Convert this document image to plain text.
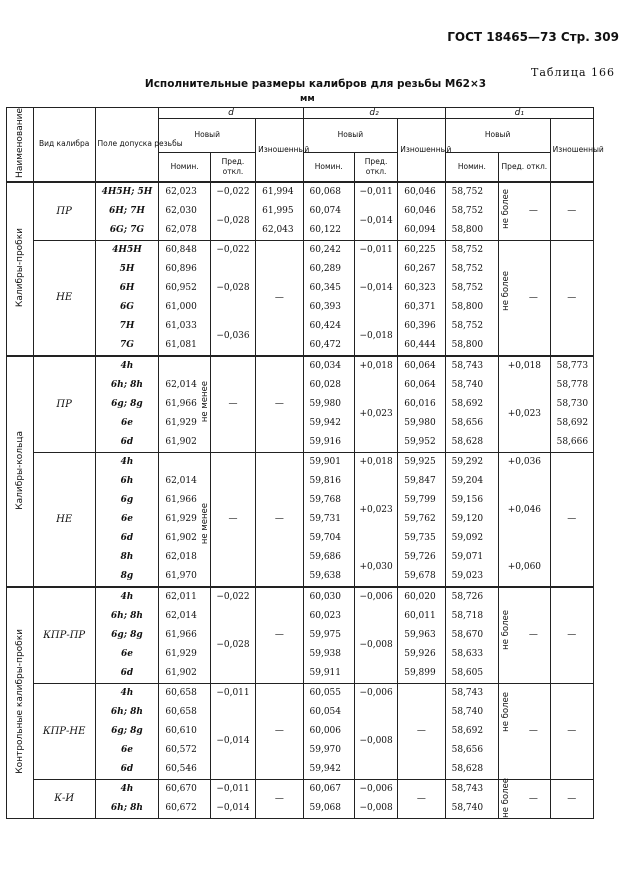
ГОСТ 18465—73 Стр. 309
Таблица 166
Исполнительные размеры калибров для резьбы М62×3
мм
Наименование	Вид калибра	Поле допуска резьбы	d			d₂			d₁		
			Новый		Изношенный	Новый		Изношенный	Новый		Изношенный
			Номин.	Пред. откл.		Номин.	Пред. откл.		Номин.	Пред. откл.	
Калибры-пробки	ПР	4H5H; 5H	62,023	−0,022	61,994	60,068	−0,011	60,046	58,752	не более —	—
		6H; 7H	62,030	−0,028	61,995	60,074	−0,014	60,046	58,752		
		6G; 7G	62,078		62,043	60,122		60,094	58,800		
	НЕ	4H5H	60,848	−0,022	—	60,242	−0,011	60,225	58,752	не более —	—
		5H	60,896	−0,028		60,289	−0,014	60,267	58,752		
		6H	60,952			60,345		60,323	58,752		
		6G	61,000			60,393		60,371	58,800		
		7H	61,033	−0,036		60,424	−0,018	60,396	58,752		
		7G	61,081			60,472		60,444	58,800		
Калибры-кольца	ПР	4h	не менее	—	—	60,034	+0,018	60,064	58,743	+0,018	58,773
		6h; 8h	62,014			60,028	+0,023	60,064	58,740	+0,023	58,778
		6g; 8g	61,966			59,980		60,016	58,692		58,730
		6e	61,929			59,942		59,980	58,656		58,692
		6d	61,902			59,916		59,952	58,628		58,666
	НЕ	4h	не менее	—	—	59,901	+0,018	59,925	59,292	+0,036	—
		6h	62,014			59,816	+0,023	59,847	59,204	+0,046	
		6g	61,966			59,768		59,799	59,156		
		6e	61,929			59,731		59,762	59,120		
		6d	61,902			59,704		59,735	59,092		
		8h	62,018			59,686	+0,030	59,726	59,071	+0,060	
		8g	61,970			59,638		59,678	59,023		
Контрольные калибры-пробки	КПР-ПР	4h	62,011	−0,022	—	60,030	−0,006	60,020	58,726	не более —	—
		6h; 8h	62,014	−0,028		60,023	−0,008	60,011	58,718		
		6g; 8g	61,966			59,975		59,963	58,670		
		6e	61,929			59,938		59,926	58,633		
		6d	61,902			59,911		59,899	58,605		
	КПР-НЕ	4h	60,658	−0,011	—	60,055	−0,006	—	58,743	не более —	—
		6h; 8h	60,658	−0,014		60,054	−0,008		58,740		
		6g; 8g	60,610			60,006			58,692		
		6e	60,572			59,970			58,656		
		6d	60,546			59,942			58,628		
	К-И	4h	60,670	−0,011	—	60,067	−0,006	—	58,743	не более —	—
		6h; 8h	60,672	−0,014		59,068	−0,008		58,740		
